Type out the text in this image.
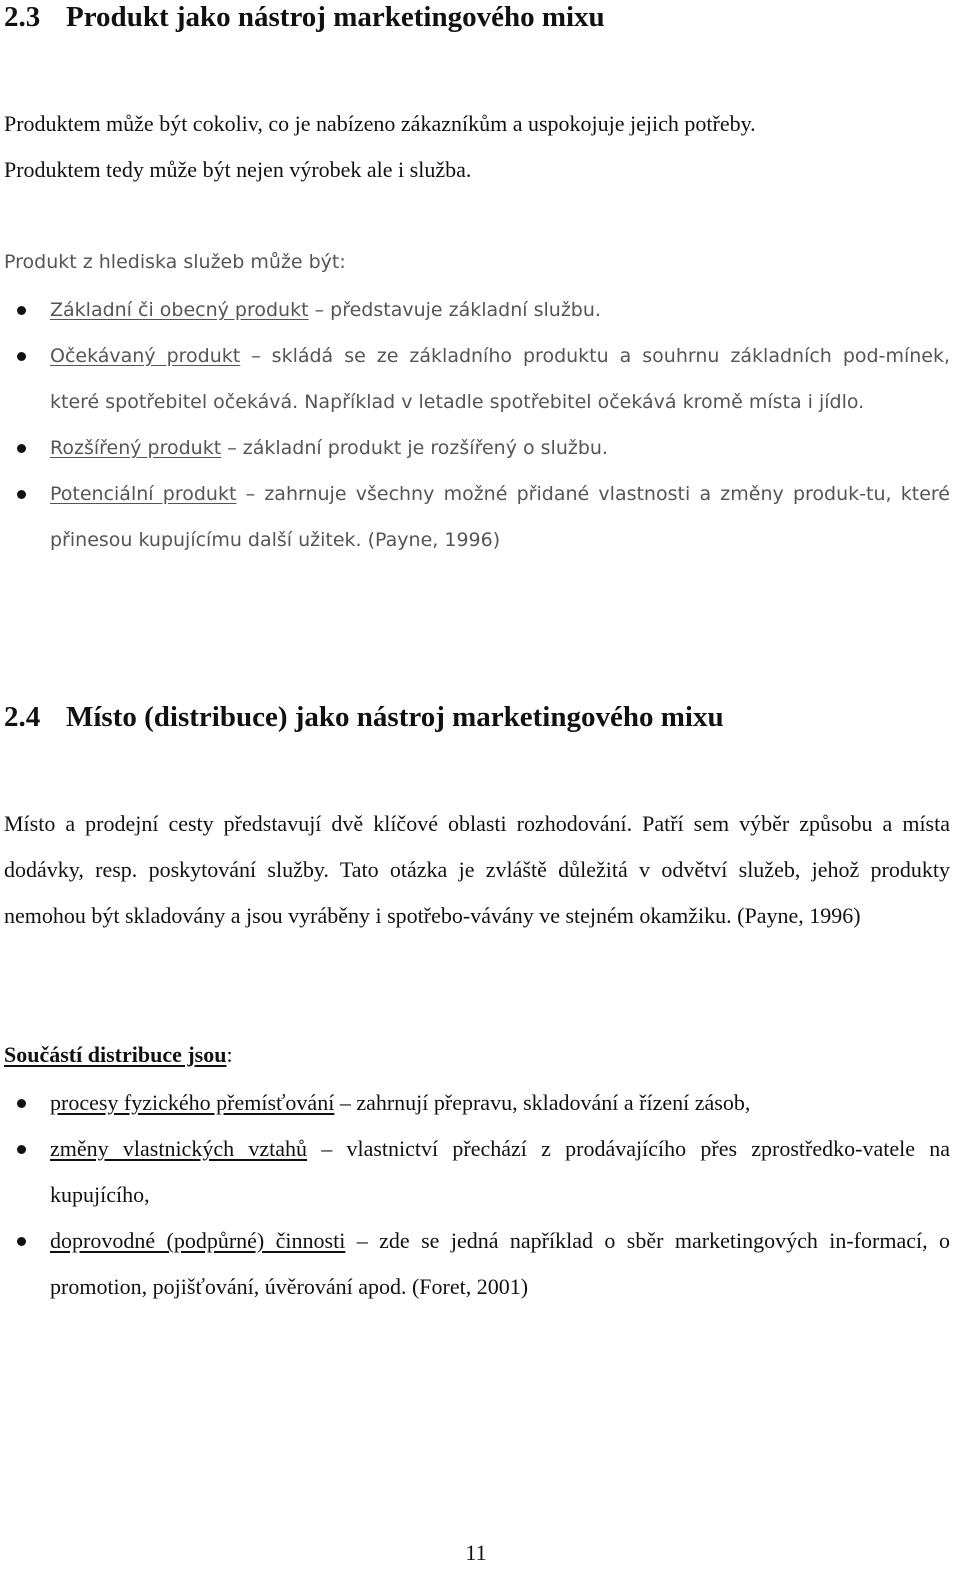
2.3 Produkt jako nástroj marketingového mixu

Produktem může být cokoliv, co je nabízeno zákazníkům a uspokojuje jejich potřeby.
Produktem tedy může být nejen výrobek ale i služba.

Produkt z hlediska služeb může být:

Základní či obecný produkt – představuje základní službu.
Očekávaný produkt – skládá se ze základního produktu a souhrnu základních pod-mínek, které spotřebitel očekává. Například v letadle spotřebitel očekává kromě místa i jídlo.
Rozšířený produkt – základní produkt je rozšířený o službu.
Potenciální produkt – zahrnuje všechny možné přidané vlastnosti a změny produk-tu, které přinesou kupujícímu další užitek. (Payne, 1996)
2.4 Místo (distribuce) jako nástroj marketingového mixu

Místo a prodejní cesty představují dvě klíčové oblasti rozhodování. Patří sem výběr způsobu a místa dodávky, resp. poskytování služby. Tato otázka je zvláště důležitá v odvětví služeb, jehož produkty nemohou být skladovány a jsou vyráběny i spotřebo-vávány ve stejném okamžiku. (Payne, 1996)

Součástí distribuce jsou:

procesy fyzického přemísťování – zahrnují přepravu, skladování a řízení zásob,
změny vlastnických vztahů – vlastnictví přechází z prodávajícího přes zprostředko-vatele na kupujícího,
doprovodné (podpůrné) činnosti – zde se jedná například o sběr marketingových in-formací, o promotion, pojišťování, úvěrování apod. (Foret, 2001)
11
